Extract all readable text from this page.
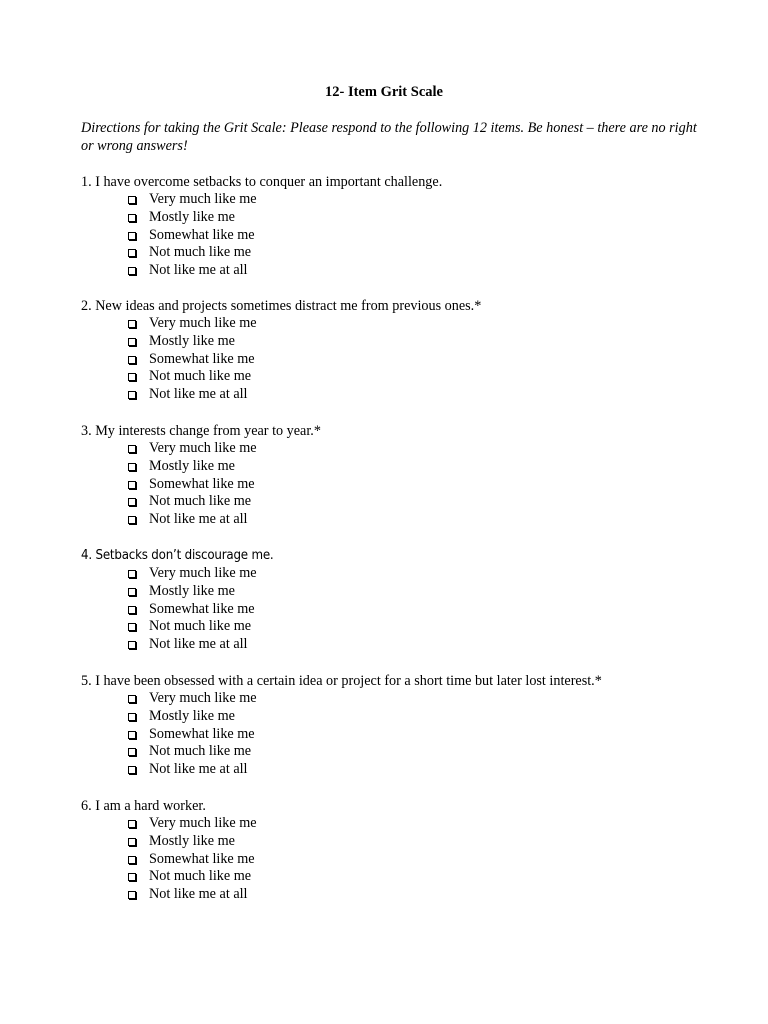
12- Item Grit Scale
Directions for taking the Grit Scale: Please respond to the following 12 items. Be honest – there are no right or wrong answers!
1. I have overcome setbacks to conquer an important challenge.
Very much like me
Mostly like me
Somewhat like me
Not much like me
Not like me at all
2. New ideas and projects sometimes distract me from previous ones.*
Very much like me
Mostly like me
Somewhat like me
Not much like me
Not like me at all
3. My interests change from year to year.*
Very much like me
Mostly like me
Somewhat like me
Not much like me
Not like me at all
4. Setbacks don’t discourage me.
Very much like me
Mostly like me
Somewhat like me
Not much like me
Not like me at all
5. I have been obsessed with a certain idea or project for a short time but later lost interest.*
Very much like me
Mostly like me
Somewhat like me
Not much like me
Not like me at all
6. I am a hard worker.
Very much like me
Mostly like me
Somewhat like me
Not much like me
Not like me at all
